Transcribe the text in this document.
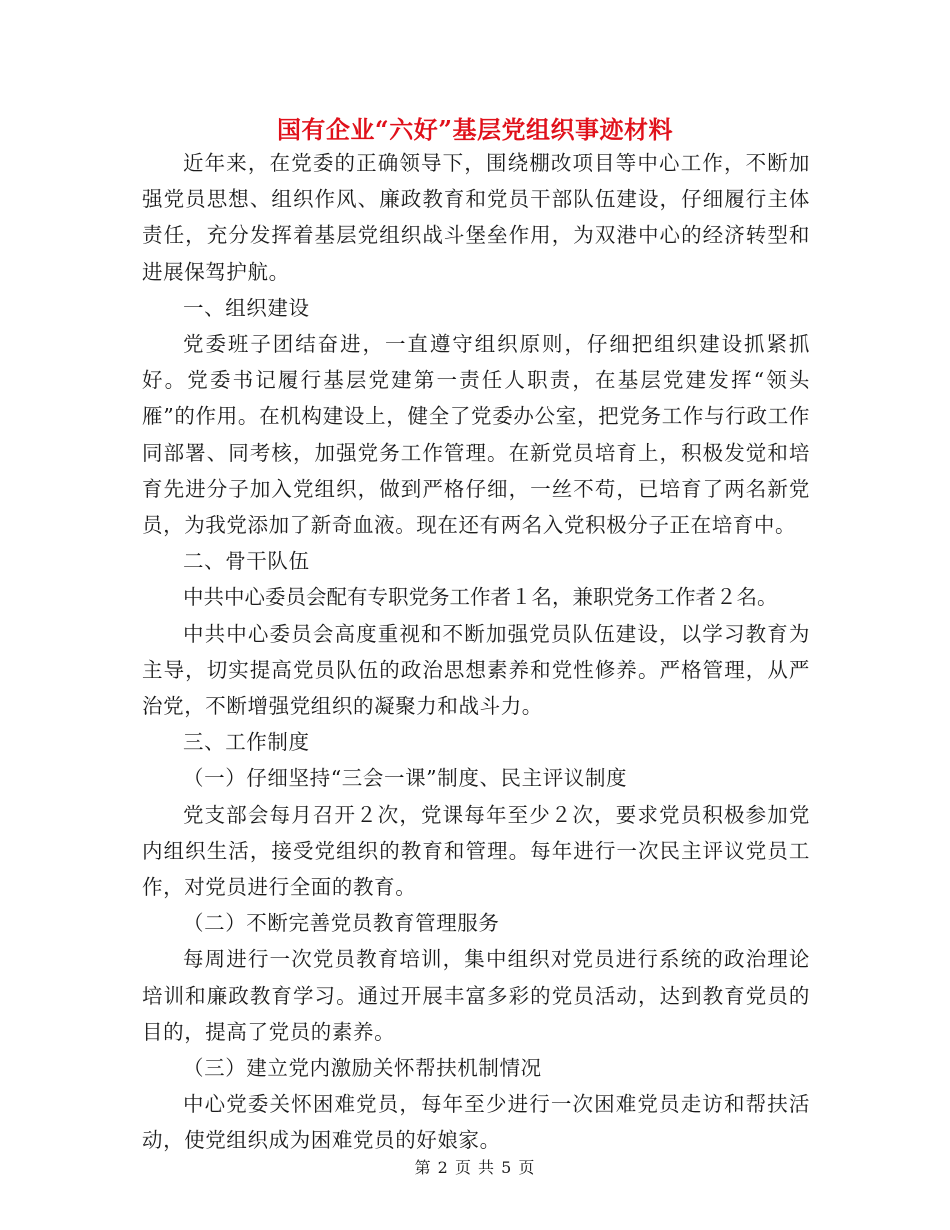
国有企业“六好”基层党组织事迹材料

近年来，在党委的正确领导下，围绕棚改项目等中心工作，不断加强党员思想、组织作风、廉政教育和党员干部队伍建设，仔细履行主体责任，充分发挥着基层党组织战斗堡垒作用，为双港中心的经济转型和进展保驾护航。

一、组织建设

党委班子团结奋进，一直遵守组织原则，仔细把组织建设抓紧抓好。党委书记履行基层党建第一责任人职责，在基层党建发挥“领头雁”的作用。在机构建设上，健全了党委办公室，把党务工作与行政工作同部署、同考核，加强党务工作管理。在新党员培育上，积极发觉和培育先进分子加入党组织，做到严格仔细，一丝不苟，已培育了两名新党员，为我党添加了新奇血液。现在还有两名入党积极分子正在培育中。

二、骨干队伍

中共中心委员会配有专职党务工作者１名，兼职党务工作者２名。

中共中心委员会高度重视和不断加强党员队伍建设，以学习教育为主导，切实提高党员队伍的政治思想素养和党性修养。严格管理，从严治党，不断增强党组织的凝聚力和战斗力。

三、工作制度

（一）仔细坚持“三会一课”制度、民主评议制度

党支部会每月召开２次，党课每年至少２次，要求党员积极参加党内组织生活，接受党组织的教育和管理。每年进行一次民主评议党员工作，对党员进行全面的教育。

（二）不断完善党员教育管理服务

每周进行一次党员教育培训，集中组织对党员进行系统的政治理论培训和廉政教育学习。通过开展丰富多彩的党员活动，达到教育党员的目的，提高了党员的素养。

（三）建立党内激励关怀帮扶机制情况

中心党委关怀困难党员，每年至少进行一次困难党员走访和帮扶活动，使党组织成为困难党员的好娘家。

第 2 页 共 5 页
